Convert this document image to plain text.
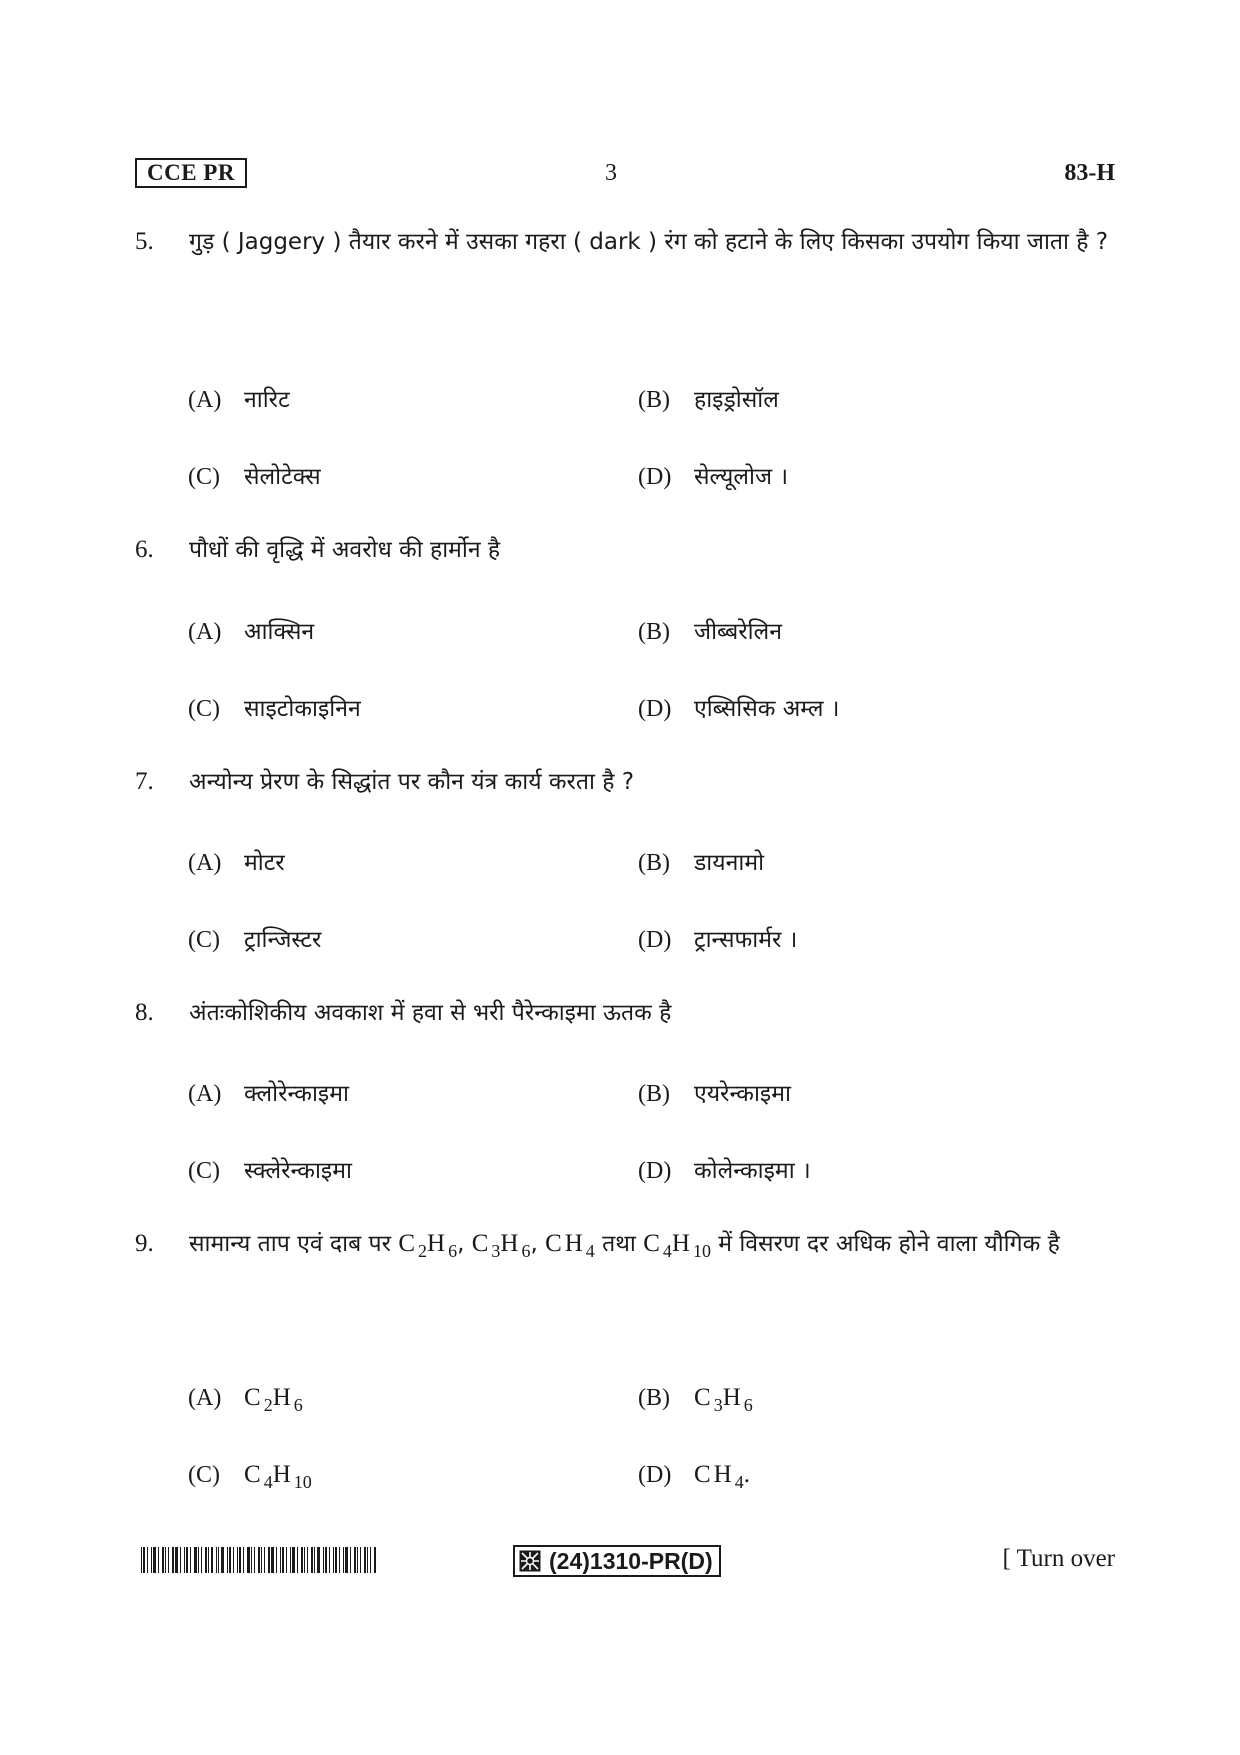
CCE PR	3	83-H
5. गुड़ ( Jaggery ) तैयार करने में उसका गहरा ( dark ) रंग को हटाने के लिए किसका उपयोग किया जाता है ?
(A) नारिट	(B) हाइड्रोसॉल
(C) सेलोटेक्स	(D) सेल्यूलोज ।
6. पौधों की वृद्धि में अवरोध की हार्मोन है
(A) आक्सिन	(B) जीब्बरेलिन
(C) साइटोकाइनिन	(D) एब्सिसिक अम्ल ।
7. अन्योन्य प्रेरण के सिद्धांत पर कौन यंत्र कार्य करता है ?
(A) मोटर	(B) डायनामो
(C) ट्रान्जिस्टर	(D) ट्रान्सफार्मर ।
8. अंतःकोशिकीय अवकाश में हवा से भरी पैरेन्काइमा ऊतक है
(A) क्लोरेन्काइमा	(B) एयरेन्काइमा
(C) स्क्लेरेन्काइमा	(D) कोलेन्काइमा ।
9. सामान्य ताप एवं दाब पर $C_2H_6$, $C_3H_6$, $CH_4$ तथा $C_4H_{10}$ में विसरण दर अधिक होने वाला यौगिक है
(A) $C_2H_6$	(B) $C_3H_6$
(C) $C_4H_{10}$	(D) $CH_4$.
(24)1310-PR(D)	[ Turn over
